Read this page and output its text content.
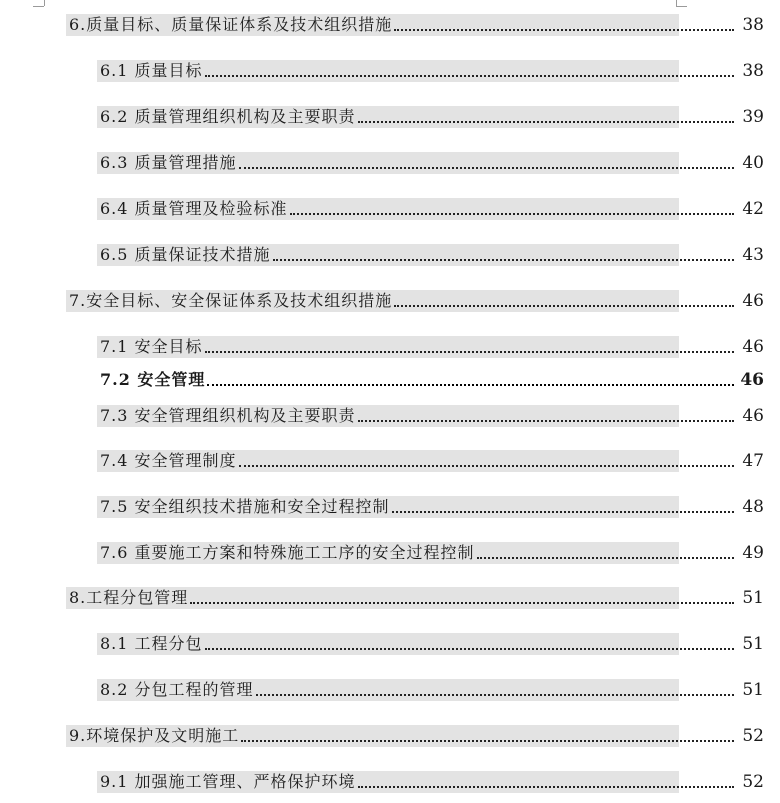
6.质量目标、质量保证体系及技术组织措施	38
6.1 质量目标	38
6.2 质量管理组织机构及主要职责	39
6.3 质量管理措施	40
6.4 质量管理及检验标准	42
6.5 质量保证技术措施	43
7.安全目标、安全保证体系及技术组织措施	46
7.1 安全目标	46
7.2 安全管理	46
7.3 安全管理组织机构及主要职责	46
7.4 安全管理制度	47
7.5 安全组织技术措施和安全过程控制	48
7.6 重要施工方案和特殊施工工序的安全过程控制	49
8.工程分包管理	51
8.1 工程分包	51
8.2 分包工程的管理	51
9.环境保护及文明施工	52
9.1 加强施工管理、严格保护环境	52
